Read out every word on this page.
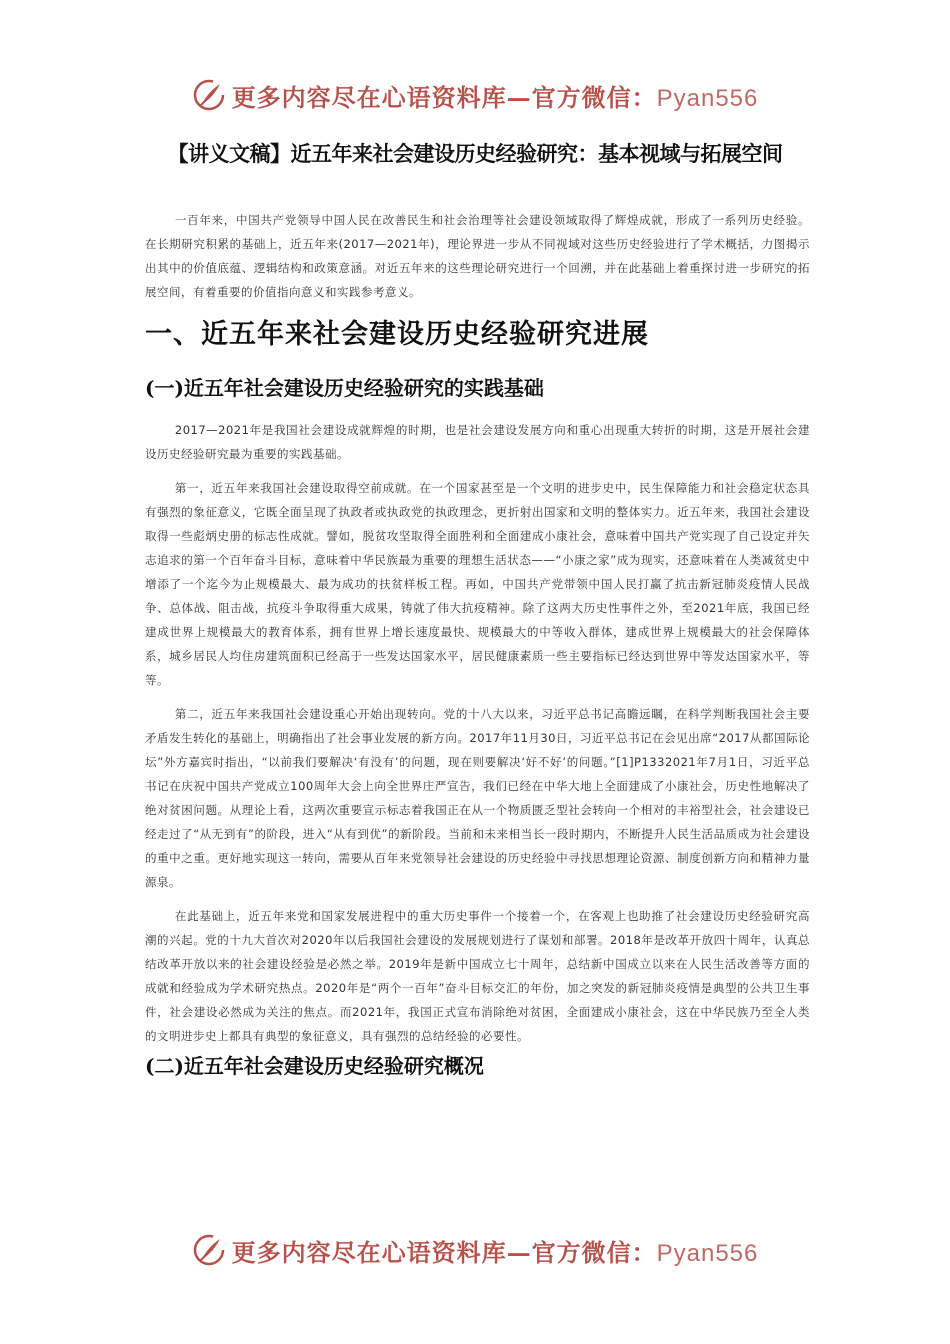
更多内容尽在心语资料库—官方微信：Pyan556
【讲义文稿】近五年来社会建设历史经验研究：基本视域与拓展空间

一百年来，中国共产党领导中国人民在改善民生和社会治理等社会建设领域取得了辉煌成就，形成了一系列历史经验。在长期研究积累的基础上，近五年来(2017—2021年)，理论界进一步从不同视域对这些历史经验进行了学术概括，力图揭示出其中的价值底蕴、逻辑结构和政策意涵。对近五年来的这些理论研究进行一个回溯，并在此基础上着重探讨进一步研究的拓展空间，有着重要的价值指向意义和实践参考意义。

一、近五年来社会建设历史经验研究进展
(一)近五年社会建设历史经验研究的实践基础

2017—2021年是我国社会建设成就辉煌的时期，也是社会建设发展方向和重心出现重大转折的时期，这是开展社会建设历史经验研究最为重要的实践基础。

第一，近五年来我国社会建设取得空前成就。在一个国家甚至是一个文明的进步史中，民生保障能力和社会稳定状态具有强烈的象征意义，它既全面呈现了执政者或执政党的执政理念，更折射出国家和文明的整体实力。近五年来，我国社会建设取得一些彪炳史册的标志性成就。譬如，脱贫攻坚取得全面胜利和全面建成小康社会，意味着中国共产党实现了自己设定并矢志追求的第一个百年奋斗目标，意味着中华民族最为重要的理想生活状态——“小康之家”成为现实，还意味着在人类减贫史中增添了一个迄今为止规模最大、最为成功的扶贫样板工程。再如，中国共产党带领中国人民打赢了抗击新冠肺炎疫情人民战争、总体战、阻击战，抗疫斗争取得重大成果，铸就了伟大抗疫精神。除了这两大历史性事件之外，至2021年底，我国已经建成世界上规模最大的教育体系，拥有世界上增长速度最快、规模最大的中等收入群体，建成世界上规模最大的社会保障体系，城乡居民人均住房建筑面积已经高于一些发达国家水平，居民健康素质一些主要指标已经达到世界中等发达国家水平，等等。

第二，近五年来我国社会建设重心开始出现转向。党的十八大以来，习近平总书记高瞻远瞩，在科学判断我国社会主要矛盾发生转化的基础上，明确指出了社会事业发展的新方向。2017年11月30日，习近平总书记在会见出席“2017从都国际论坛”外方嘉宾时指出，“以前我们要解决‘有没有’的问题，现在则要解决‘好不好’的问题。”[1]P1332021年7月1日，习近平总书记在庆祝中国共产党成立100周年大会上向全世界庄严宣告，我们已经在中华大地上全面建成了小康社会，历史性地解决了绝对贫困问题。从理论上看，这两次重要宣示标志着我国正在从一个物质匮乏型社会转向一个相对的丰裕型社会，社会建设已经走过了“从无到有”的阶段，进入“从有到优”的新阶段。当前和未来相当长一段时期内，不断提升人民生活品质成为社会建设的重中之重。更好地实现这一转向，需要从百年来党领导社会建设的历史经验中寻找思想理论资源、制度创新方向和精神力量源泉。

在此基础上，近五年来党和国家发展进程中的重大历史事件一个接着一个，在客观上也助推了社会建设历史经验研究高潮的兴起。党的十九大首次对2020年以后我国社会建设的发展规划进行了谋划和部署。2018年是改革开放四十周年，认真总结改革开放以来的社会建设经验是必然之举。2019年是新中国成立七十周年，总结新中国成立以来在人民生活改善等方面的成就和经验成为学术研究热点。2020年是“两个一百年”奋斗目标交汇的年份，加之突发的新冠肺炎疫情是典型的公共卫生事件，社会建设必然成为关注的焦点。而2021年，我国正式宣布消除绝对贫困，全面建成小康社会，这在中华民族乃至全人类的文明进步史上都具有典型的象征意义，具有强烈的总结经验的必要性。

(二)近五年社会建设历史经验研究概况
更多内容尽在心语资料库—官方微信：Pyan556
